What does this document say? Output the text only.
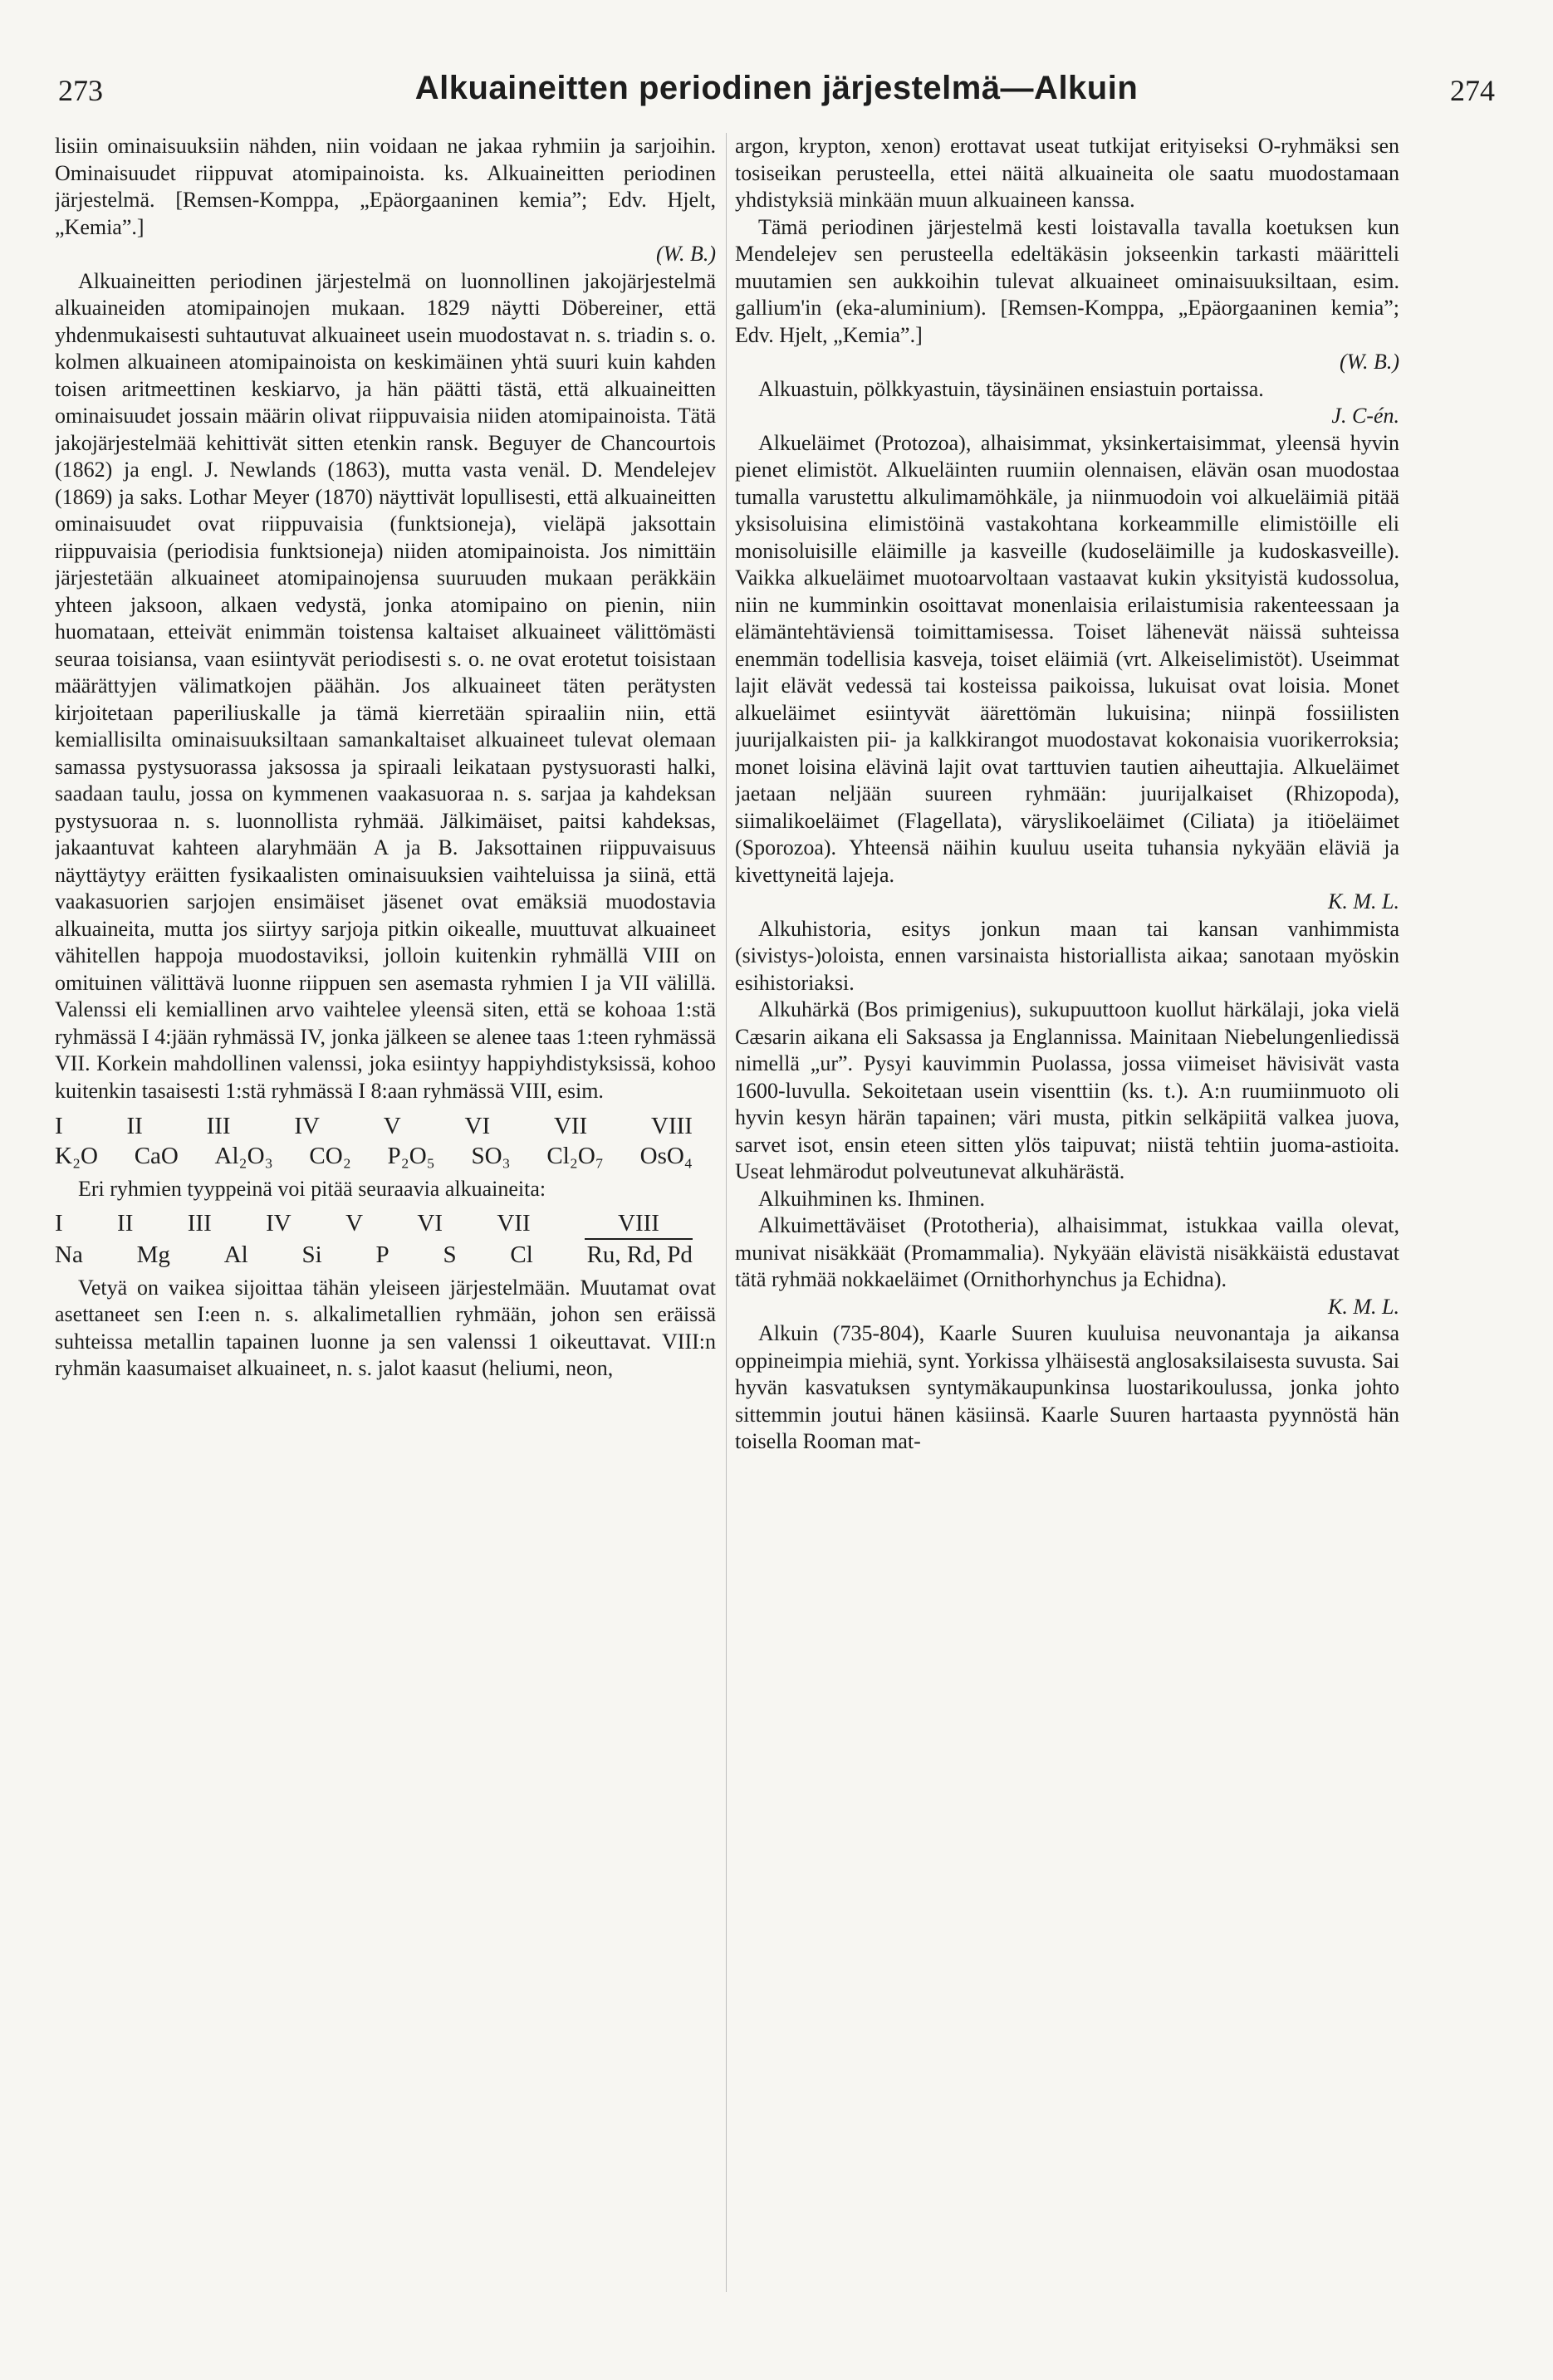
273	Alkuaineitten periodinen järjestelmä—Alkuin	274

lisiin ominaisuuksiin nähden, niin voidaan ne jakaa ryhmiin ja sarjoihin. Ominaisuudet riippuvat atomipainoista. ks. Alkuaineitten periodinen järjestelmä. [Remsen-Komppa, „Epäorgaaninen kemia”; Edv. Hjelt, „Kemia”.]

(W. B.)

Alkuaineitten periodinen järjestelmä on luonnollinen jakojärjestelmä alkuaineiden atomipainojen mukaan. 1829 näytti Döbereiner, että yhdenmukaisesti suhtautuvat alkuaineet usein muodostavat n. s. triadin s. o. kolmen alkuaineen atomipainoista on keskimäinen yhtä suuri kuin kahden toisen aritmeettinen keskiarvo, ja hän päätti tästä, että alkuaineitten ominaisuudet jossain määrin olivat riippuvaisia niiden atomipainoista. Tätä jakojärjestelmää kehittivät sitten etenkin ransk. Beguyer de Chancourtois (1862) ja engl. J. Newlands (1863), mutta vasta venäl. D. Mendelejev (1869) ja saks. Lothar Meyer (1870) näyttivät lopullisesti, että alkuaineitten ominaisuudet ovat riippuvaisia (funktsioneja), vieläpä jaksottain riippuvaisia (periodisia funktsioneja) niiden atomipainoista. Jos nimittäin järjestetään alkuaineet atomipainojensa suuruuden mukaan peräkkäin yhteen jaksoon, alkaen vedystä, jonka atomipaino on pienin, niin huomataan, etteivät enimmän toistensa kaltaiset alkuaineet välittömästi seuraa toisiansa, vaan esiintyvät periodisesti s. o. ne ovat erotetut toisistaan määrättyjen välimatkojen päähän. Jos alkuaineet täten perätysten kirjoitetaan paperiliuskalle ja tämä kierretään spiraaliin niin, että kemiallisilta ominaisuuksiltaan samankaltaiset alkuaineet tulevat olemaan samassa pystysuorassa jaksossa ja spiraali leikataan pystysuorasti halki, saadaan taulu, jossa on kymmenen vaakasuoraa n. s. sarjaa ja kahdeksan pystysuoraa n. s. luonnollista ryhmää. Jälkimäiset, paitsi kahdeksas, jakaantuvat kahteen alaryhmään A ja B. Jaksottainen riippuvaisuus näyttäytyy eräitten fysikaalisten ominaisuuksien vaihteluissa ja siinä, että vaakasuorien sarjojen ensimäiset jäsenet ovat emäksiä muodostavia alkuaineita, mutta jos siirtyy sarjoja pitkin oikealle, muuttuvat alkuaineet vähitellen happoja muodostaviksi, jolloin kuitenkin ryhmällä VIII on omituinen välittävä luonne riippuen sen asemasta ryhmien I ja VII välillä. Valenssi eli kemiallinen arvo vaihtelee yleensä siten, että se kohoaa 1:stä ryhmässä I 4:jään ryhmässä IV, jonka jälkeen se alenee taas 1:teen ryhmässä VII. Korkein mahdollinen valenssi, joka esiintyy happiyhdistyksissä, kohoo kuitenkin tasaisesti 1:stä ryhmässä I 8:aan ryhmässä VIII, esim.

I	II	III	IV	V	VI	VII	VIII
K₂O CaO Al₂O₃ CO₂ P₂O₅ SO₃ Cl₂O₇ OsO₄

Eri ryhmien tyyppeinä voi pitää seuraavia alkuaineita:

I II III IV V VI VII	VIII
Na Mg Al Si P S Cl Ru, Rd, Pd

Vetyä on vaikea sijoittaa tähän yleiseen järjestelmään. Muutamat ovat asettaneet sen I:een n. s. alkalimetallien ryhmään, johon sen eräissä suhteissa metallin tapainen luonne ja sen valenssi 1 oikeuttavat. VIII:n ryhmän kaasumaiset alkuaineet, n. s. jalot kaasut (heliumi, neon,

argon, krypton, xenon) erottavat useat tutkijat erityiseksi O-ryhmäksi sen tosiseikan perusteella, ettei näitä alkuaineita ole saatu muodostamaan yhdistyksiä minkään muun alkuaineen kanssa.

Tämä periodinen järjestelmä kesti loistavalla tavalla koetuksen kun Mendelejev sen perusteella edeltäkäsin jokseenkin tarkasti määritteli muutamien sen aukkoihin tulevat alkuaineet ominaisuuksiltaan, esim. gallium'in (eka-aluminium). [Remsen-Komppa, „Epäorgaaninen kemia”; Edv. Hjelt, „Kemia”.]

(W. B.)

Alkuastuin, pölkkyastuin, täysinäinen ensiastuin portaissa.

J. C-én.

Alkueläimet (Protozoa), alhaisimmat, yksinkertaisimmat, yleensä hyvin pienet elimistöt. Alkueläinten ruumiin olennaisen, elävän osan muodostaa tumalla varustettu alkulimamöhkäle, ja niinmuodoin voi alkueläimiä pitää yksisoluisina elimistöinä vastakohtana korkeammille elimistöille eli monisoluisille eläimille ja kasveille (kudoseläimille ja kudoskasveille). Vaikka alkueläimet muotoarvoltaan vastaavat kukin yksityistä kudossolua, niin ne kumminkin osoittavat monenlaisia erilaistumisia rakenteessaan ja elämäntehtäviensä toimittamisessa. Toiset lähenevät näissä suhteissa enemmän todellisia kasveja, toiset eläimiä (vrt. Alkeiselimistöt). Useimmat lajit elävät vedessä tai kosteissa paikoissa, lukuisat ovat loisia. Monet alkueläimet esiintyvät äärettömän lukuisina; niinpä fossiilisten juurijalkaisten pii- ja kalkkirangot muodostavat kokonaisia vuorikerroksia; monet loisina elävinä lajit ovat tarttuvien tautien aiheuttajia. Alkueläimet jaetaan neljään suureen ryhmään: juurijalkaiset (Rhizopoda), siimalikoeläimet (Flagellata), väryslikoeläimet (Ciliata) ja itiöeläimet (Sporozoa). Yhteensä näihin kuuluu useita tuhansia nykyään eläviä ja kivettyneitä lajeja.

K. M. L.

Alkuhistoria, esitys jonkun maan tai kansan vanhimmista (sivistys-)oloista, ennen varsinaista historiallista aikaa; sanotaan myöskin esihistoriaksi.

Alkuhärkä (Bos primigenius), sukupuuttoon kuollut härkälaji, joka vielä Cæsarin aikana eli Saksassa ja Englannissa. Mainitaan Niebelungenliedissä nimellä „ur”. Pysyi kauvimmin Puolassa, jossa viimeiset hävisivät vasta 1600-luvulla. Sekoitetaan usein visenttiin (ks. t.). A:n ruumiinmuoto oli hyvin kesyn härän tapainen; väri musta, pitkin selkäpiitä valkea juova, sarvet isot, ensin eteen sitten ylös taipuvat; niistä tehtiin juoma-astioita. Useat lehmärodut polveutunevat alkuhärästä.

Alkuihminen ks. Ihminen.

Alkuimettäväiset (Prototheria), alhaisimmat, istukkaa vailla olevat, munivat nisäkkäät (Promammalia). Nykyään elävistä nisäkkäistä edustavat tätä ryhmää nokkaeläimet (Ornithorhynchus ja Echidna).

K. M. L.

Alkuin (735-804), Kaarle Suuren kuuluisa neuvonantaja ja aikansa oppineimpia miehiä, synt. Yorkissa ylhäisestä anglosaksilaisesta suvusta. Sai hyvän kasvatuksen syntymäkaupunkinsa luostarikoulussa, jonka johto sittemmin joutui hänen käsiinsä. Kaarle Suuren hartaasta pyynnöstä hän toisella Rooman mat-
